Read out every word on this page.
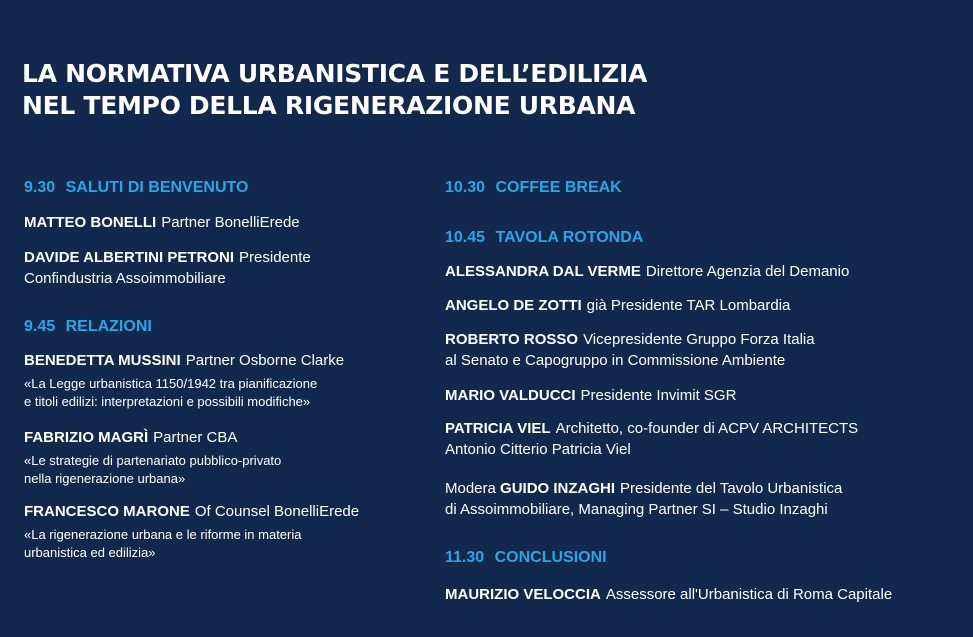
LA NORMATIVA URBANISTICA E DELL’EDILIZIA
NEL TEMPO DELLA RIGENERAZIONE URBANA
9.30 SALUTI DI BENVENUTO
MATTEO BONELLI Partner BonelliErede
DAVIDE ALBERTINI PETRONI Presidente
Confindustria Assoimmobiliare
9.45 RELAZIONI
BENEDETTA MUSSINI Partner Osborne Clarke
«La Legge urbanistica 1150/1942 tra pianificazione
e titoli edilizi: interpretazioni e possibili modifiche»
FABRIZIO MAGRÌ Partner CBA
«Le strategie di partenariato pubblico-privato
nella rigenerazione urbana»
FRANCESCO MARONE Of Counsel BonelliErede
«La rigenerazione urbana e le riforme in materia
urbanistica ed edilizia»
10.30 COFFEE BREAK
10.45 TAVOLA ROTONDA
ALESSANDRA DAL VERME Direttore Agenzia del Demanio
ANGELO DE ZOTTI già Presidente TAR Lombardia
ROBERTO ROSSO Vicepresidente Gruppo Forza Italia
al Senato e Capogruppo in Commissione Ambiente
MARIO VALDUCCI Presidente Invimit SGR
PATRICIA VIEL Architetto, co-founder di ACPV ARCHITECTS
Antonio Citterio Patricia Viel
Modera GUIDO INZAGHI Presidente del Tavolo Urbanistica
di Assoimmobiliare, Managing Partner SI – Studio Inzaghi
11.30 CONCLUSIONI
MAURIZIO VELOCCIA Assessore all'Urbanistica di Roma Capitale
